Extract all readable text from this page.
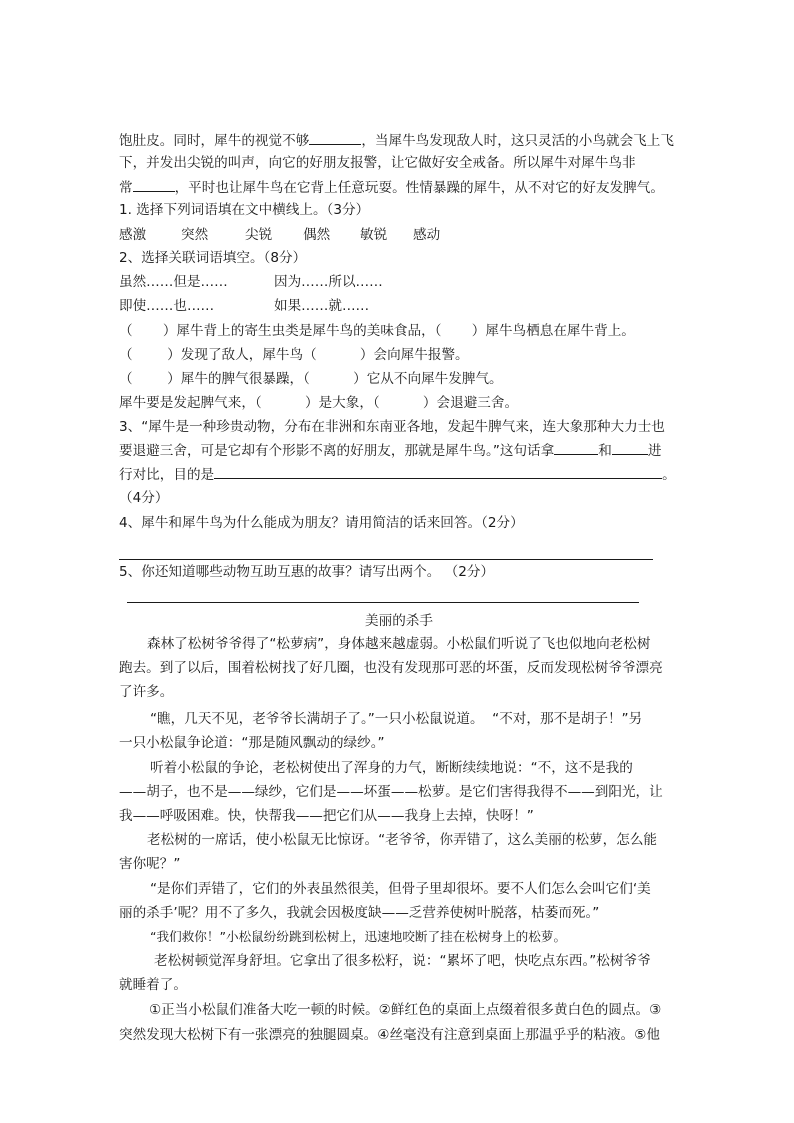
饱肚皮。同时，犀牛的视觉不够	，当犀牛鸟发现敌人时，这只灵活的小鸟就会飞上飞
下，并发出尖锐的叫声，向它的好朋友报警，让它做好安全戒备。所以犀牛对犀牛鸟非
常	，平时也让犀牛鸟在它背上任意玩耍。性情暴躁的犀牛，从不对它的好友发脾气。
1. 选择下列词语填在文中横线上。（3分）
感激	突然	尖锐 偶然 敏锐 感动
2、选择关联词语填空。（8分）
虽然……但是……	因为……所以……
即使……也……	如果……就……
（       ）犀牛背上的寄生虫类是犀牛鸟的美味食品，（       ）犀牛鸟栖息在犀牛背上。
（        ）发现了敌人，犀牛鸟（          ）会向犀牛报警。
（        ）犀牛的脾气很暴躁，（          ）它从不向犀牛发脾气。
犀牛要是发起脾气来，（          ）是大象，（          ）会退避三舍。
3、“犀牛是一种珍贵动物，分布在非洲和东南亚各地，发起牛脾气来，连大象那种大力士也
要退避三舍，可是它却有个形影不离的好朋友，那就是犀牛鸟。”这句话拿	和	进
行对比，目的是	。
（4分）
4、犀牛和犀牛鸟为什么能成为朋友？请用简洁的话来回答。（2分）
5、你还知道哪些动物互助互惠的故事？请写出两个。 （2分）
美丽的杀手
森林了松树爷爷得了“松萝病”，身体越来越虚弱。小松鼠们听说了飞也似地向老松树
跑去。到了以后，围着松树找了好几圈，也没有发现那可恶的坏蛋，反而发现松树爷爷漂亮
了许多。
“瞧，几天不见，老爷爷长满胡子了。”一只小松鼠说道。  “不对，那不是胡子！”另
一只小松鼠争论道：“那是随风飘动的绿纱。”
听着小松鼠的争论，老松树使出了浑身的力气，断断续续地说：“不，这不是我的
——胡子，也不是——绿纱，它们是——坏蛋——松萝。是它们害得我得不——到阳光，让
我——呼吸困难。快，快帮我——把它们从——我身上去掉，快呀！”
老松树的一席话，使小松鼠无比惊讶。“老爷爷，你弄错了，这么美丽的松萝，怎么能
害你呢？”
“是你们弄错了，它们的外表虽然很美，但骨子里却很坏。要不人们怎么会叫它们‘美
丽的杀手’呢？用不了多久，我就会因极度缺——乏营养使树叶脱落，枯萎而死。”
“我们救你！”小松鼠纷纷跳到松树上，迅速地咬断了挂在松树身上的松萝。
老松树顿觉浑身舒坦。它拿出了很多松籽，说：“累坏了吧，快吃点东西。”松树爷爷
就睡着了。
①正当小松鼠们准备大吃一顿的时候。②鲜红色的桌面上点缀着很多黄白色的圆点。③
突然发现大松树下有一张漂亮的独腿圆桌。④丝毫没有注意到桌面上那温乎乎的粘液。⑤他
